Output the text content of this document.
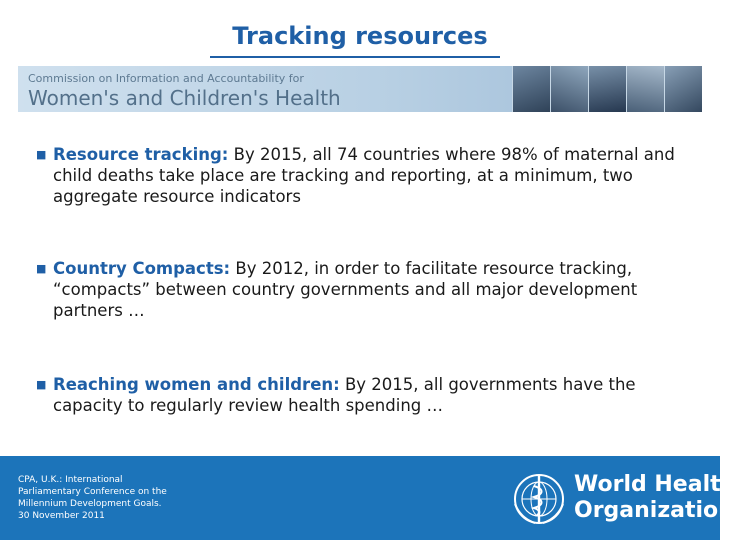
Tracking resources
Commission on Information and Accountability for
Women's and Children's Health
■ Resource tracking: By 2015, all 74 countries where 98% of maternal and child deaths take place are tracking and reporting, at a minimum, two aggregate resource indicators
■ Country Compacts: By 2012, in order to facilitate resource tracking, “compacts” between country governments and all major development partners …
■ Reaching women and children: By 2015, all governments have the capacity to regularly review health spending …
CPA, U.K.: International
Parliamentary Conference on the
Millennium Development Goals.
30 November 2011
World Health
Organization
